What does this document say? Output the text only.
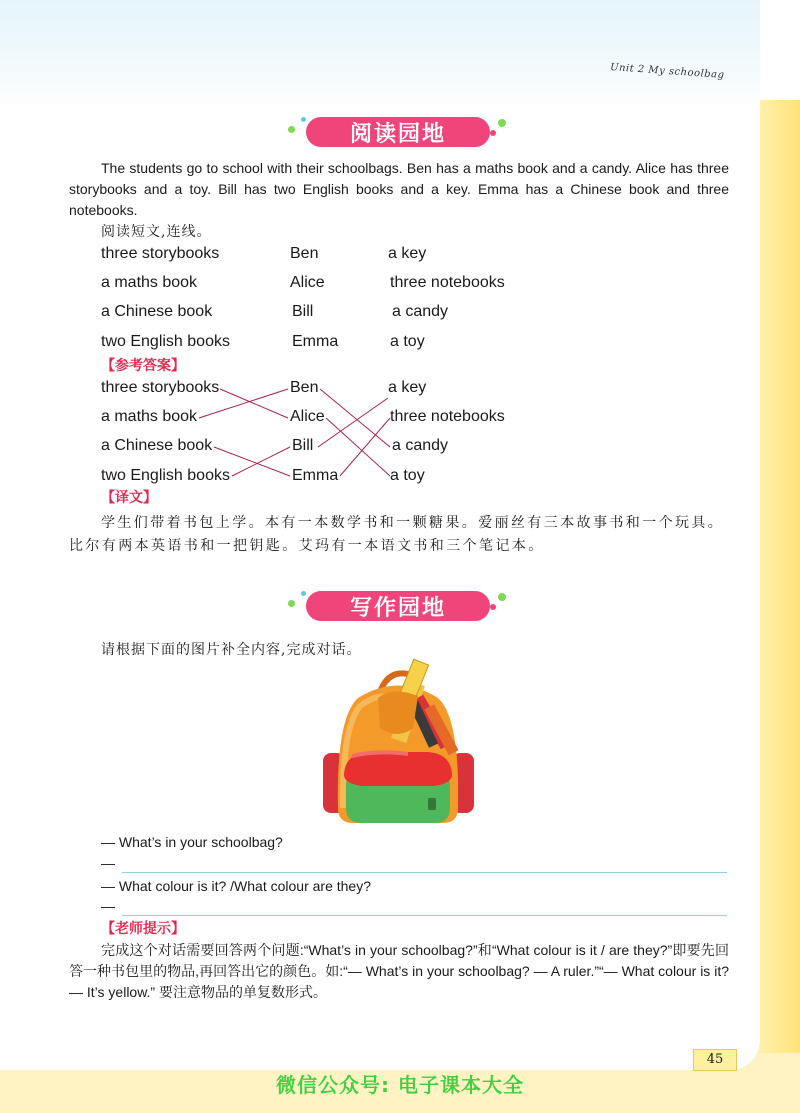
Unit 2 My schoolbag
阅读园地
The students go to school with their schoolbags. Ben has a maths book and a candy. Alice has three storybooks and a toy. Bill has two English books and a key. Emma has a Chinese book and three notebooks.
阅读短文,连线。
three storybooks
a maths book
a Chinese book
two English books
Ben
Alice
Bill
Emma
a key
three notebooks
a candy
a toy
【参考答案】
three storybooks
a maths book
a Chinese book
two English books
Ben
Alice
Bill
Emma
a key
three notebooks
a candy
a toy
【译文】
学生们带着书包上学。本有一本数学书和一颗糖果。爱丽丝有三本故事书和一个玩具。比尔有两本英语书和一把钥匙。艾玛有一本语文书和三个笔记本。
写作园地
请根据下面的图片补全内容,完成对话。
— What’s in your schoolbag?
—
— What colour is it? /What colour are they?
—
【老师提示】
完成这个对话需要回答两个问题:“What’s in your schoolbag?”和“What colour is it / are they?”即要先回答一种书包里的物品,再回答出它的颜色。如:“— What’s in your schoolbag? — A ruler.”“— What colour is it? — It’s yellow.” 要注意物品的单复数形式。
45
微信公众号: 电子课本大全
